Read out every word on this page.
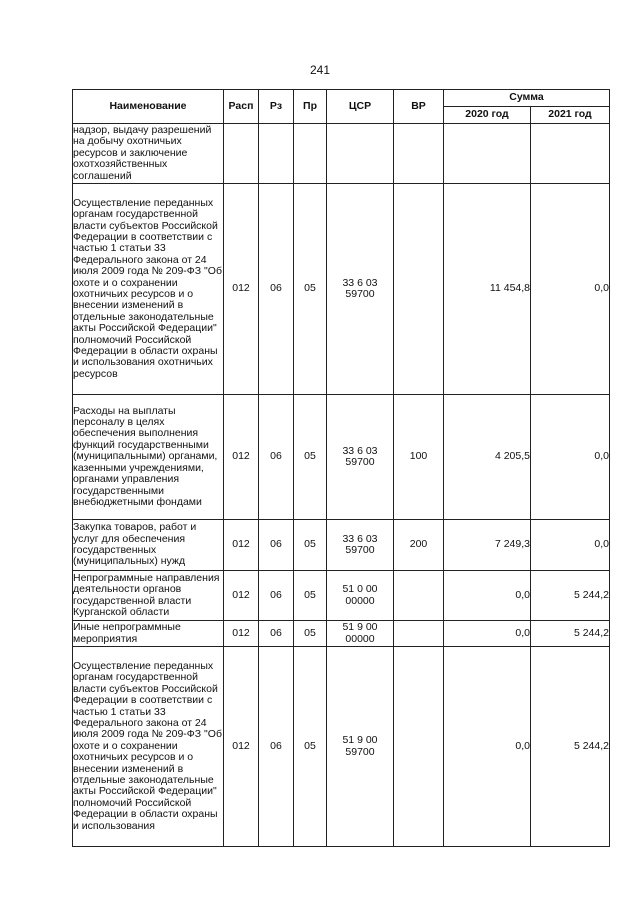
241
Наименование	Расп	Рз	Пр	ЦСР	ВР	Сумма	
						2020 год	2021 год
надзор, выдачу разрешений на добычу охотничьих ресурсов и заключение охотхозяйственных соглашений							
Осуществление переданных органам государственной власти субъектов Российской Федерации в соответствии с частью 1 статьи 33 Федерального закона от 24 июля 2009 года № 209-ФЗ "Об охоте и о сохранении охотничьих ресурсов и о внесении изменений в отдельные законодательные акты Российской Федерации" полномочий Российской Федерации в области охраны и использования охотничьих ресурсов	012	06	05	33 6 03 59700		11 454,8	0,0
Расходы на выплаты персоналу в целях обеспечения выполнения функций государственными (муниципальными) органами, казенными учреждениями, органами управления государственными внебюджетными фондами	012	06	05	33 6 03 59700	100	4 205,5	0,0
Закупка товаров, работ и услуг для обеспечения государственных (муниципальных) нужд	012	06	05	33 6 03 59700	200	7 249,3	0,0
Непрограммные направления деятельности органов государственной власти Курганской области	012	06	05	51 0 00 00000		0,0	5 244,2
Иные непрограммные мероприятия	012	06	05	51 9 00 00000		0,0	5 244,2
Осуществление переданных органам государственной власти субъектов Российской Федерации в соответствии с частью 1 статьи 33 Федерального закона от 24 июля 2009 года № 209-ФЗ "Об охоте и о сохранении охотничьих ресурсов и о внесении изменений в отдельные законодательные акты Российской Федерации" полномочий Российской Федерации в области охраны и использования	012	06	05	51 9 00 59700		0,0	5 244,2
